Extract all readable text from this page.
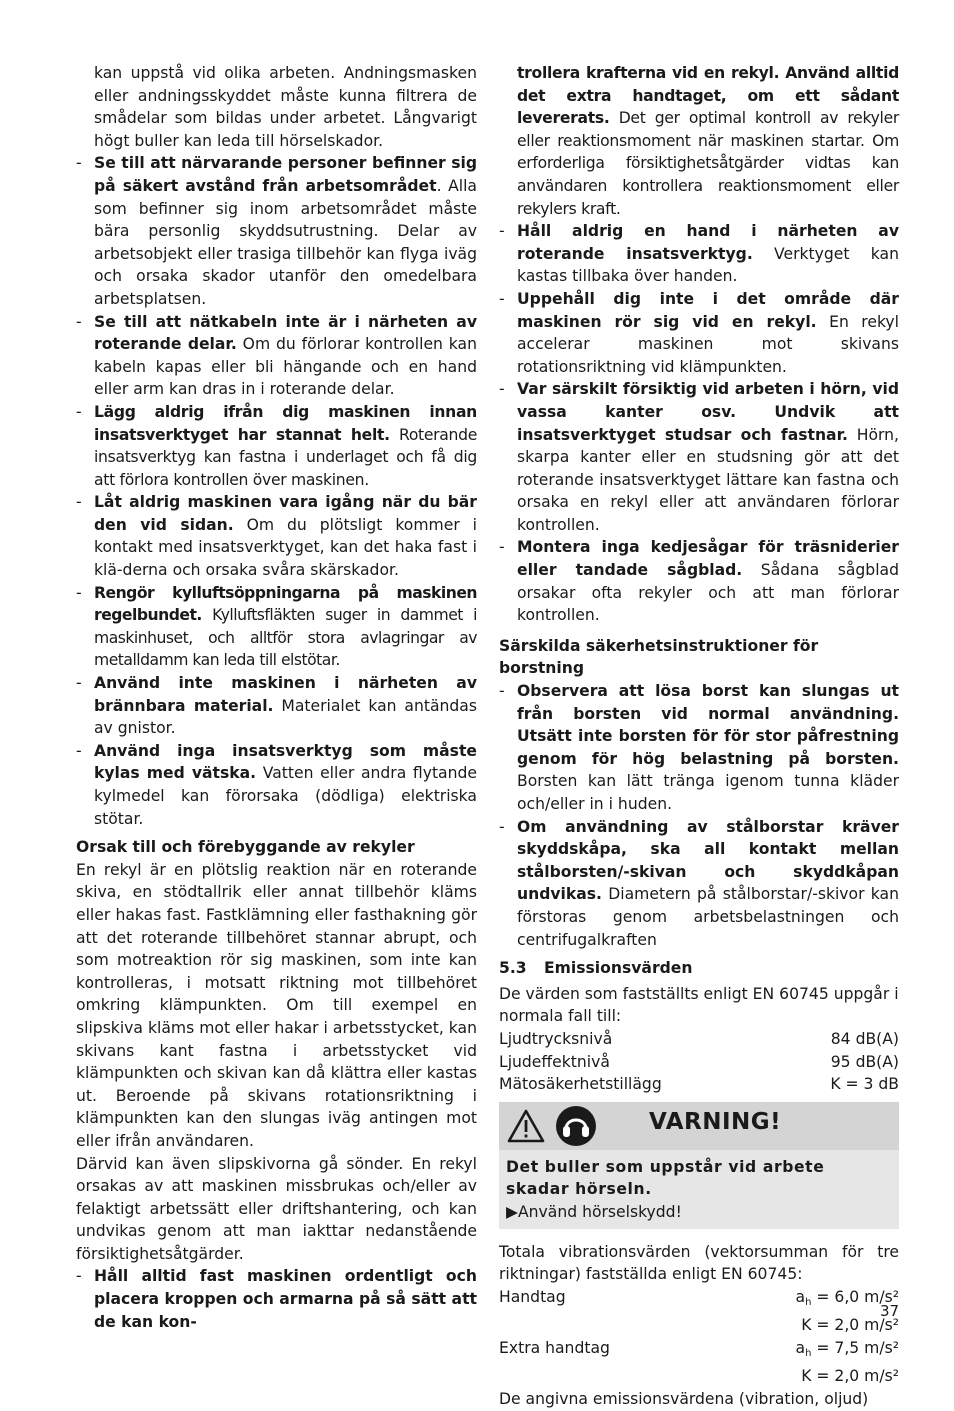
kan uppstå vid olika arbeten. Andningsmasken eller andningsskyddet måste kunna filtrera de smådelar som bildas under arbetet. Långvarigt högt buller kan leda till hörselskador.

- Se till att närvarande personer befinner sig på säkert avstånd från arbetsområdet. Alla som befinner sig inom arbetsområdet måste bära personlig skyddsutrustning. Delar av arbetsobjekt eller trasiga tillbehör kan flyga iväg och orsaka skador utanför den omedelbara arbetsplatsen.
- Se till att nätkabeln inte är i närheten av roterande delar. Om du förlorar kontrollen kan kabeln kapas eller bli hängande och en hand eller arm kan dras in i roterande delar.
- Lägg aldrig ifrån dig maskinen innan insatsverktyget har stannat helt. Roterande insatsverktyg kan fastna i underlaget och få dig att förlora kontrollen över maskinen.
- Låt aldrig maskinen vara igång när du bär den vid sidan. Om du plötsligt kommer i kontakt med insatsverktyget, kan det haka fast i klä-derna och orsaka svåra skärskador.
- Rengör kylluftsöppningarna på maskinen regelbundet. Kylluftsfläkten suger in dammet i maskinhuset, och alltför stora avlagringar av metalldamm kan leda till elstötar.
- Använd inte maskinen i närheten av brännbara material. Materialet kan antändas av gnistor.
- Använd inga insatsverktyg som måste kylas med vätska. Vatten eller andra flytande kylmedel kan förorsaka (dödliga) elektriska stötar.
Orsak till och förebyggande av rekyler

En rekyl är en plötslig reaktion när en roterande skiva, en stödtallrik eller annat tillbehör kläms eller hakas fast. Fastklämning eller fasthakning gör att det roterande tillbehöret stannar abrupt, och som motreaktion rör sig maskinen, som inte kan kontrolleras, i motsatt riktning mot tillbehöret omkring klämpunkten. Om till exempel en slipskiva kläms mot eller hakar i arbetsstycket, kan skivans kant fastna i arbetsstycket vid klämpunkten och skivan kan då klättra eller kastas ut. Beroende på skivans rotationsriktning i klämpunkten kan den slungas iväg antingen mot eller ifrån användaren.

Därvid kan även slipskivorna gå sönder. En rekyl orsakas av att maskinen missbrukas och/eller av felaktigt arbetssätt eller driftshantering, och kan undvikas genom att man iakttar nedanstående försiktighetsåtgärder.

- Håll alltid fast maskinen ordentligt och placera kroppen och armarna på så sätt att de kan kon-
trollera krafterna vid en rekyl. Använd alltid det extra handtaget, om ett sådant levererats. Det ger optimal kontroll av rekyler eller reaktionsmoment när maskinen startar. Om erforderliga försiktighetsåtgärder vidtas kan användaren kontrollera reaktionsmoment eller rekylers kraft.
- Håll aldrig en hand i närheten av roterande insatsverktyg. Verktyget kan kastas tillbaka över handen.
- Uppehåll dig inte i det område där maskinen rör sig vid en rekyl. En rekyl accelerar maskinen mot skivans rotationsriktning vid klämpunkten.
- Var särskilt försiktig vid arbeten i hörn, vid vassa kanter osv. Undvik att insatsverktyget studsar och fastnar. Hörn, skarpa kanter eller en studsning gör att det roterande insatsverktyget lättare kan fastna och orsaka en rekyl eller att användaren förlorar kontrollen.
- Montera inga kedjesågar för träsniderier eller tandade sågblad. Sådana sågblad orsakar ofta rekyler och att man förlorar kontrollen.
Särskilda säkerhetsinstruktioner för borstning
- Observera att lösa borst kan slungas ut från borsten vid normal användning. Utsätt inte borsten för för stor påfrestning genom för hög belastning på borsten. Borsten kan lätt tränga igenom tunna kläder och/eller in i huden.
- Om användning av stålborstar kräver skyddskåpa, ska all kontakt mellan stålborsten/-skivan och skyddkåpan undvikas. Diametern på stålborstar/-skivor kan förstoras genom arbetsbelastningen och centrifugalkraften
5.3 Emissionsvärden

De värden som fastställts enligt EN 60745 uppgår i normala fall till:

Ljudtrycksnivå	84 dB(A)
Ljudeffektnivå	95 dB(A)
Mätosäkerhetstillägg	K = 3 dB
VARNING!
Det buller som uppstår vid arbete skadar hörseln.
▶Använd hörselskydd!

Totala vibrationsvärden (vektorsumman för tre riktningar) fastställda enligt EN 60745:

Handtag	ah = 6,0 m/s²
K = 2,0 m/s²
Extra handtag	ah = 7,5 m/s²
K = 2,0 m/s²

De angivna emissionsvärdena (vibration, oljud)

37
